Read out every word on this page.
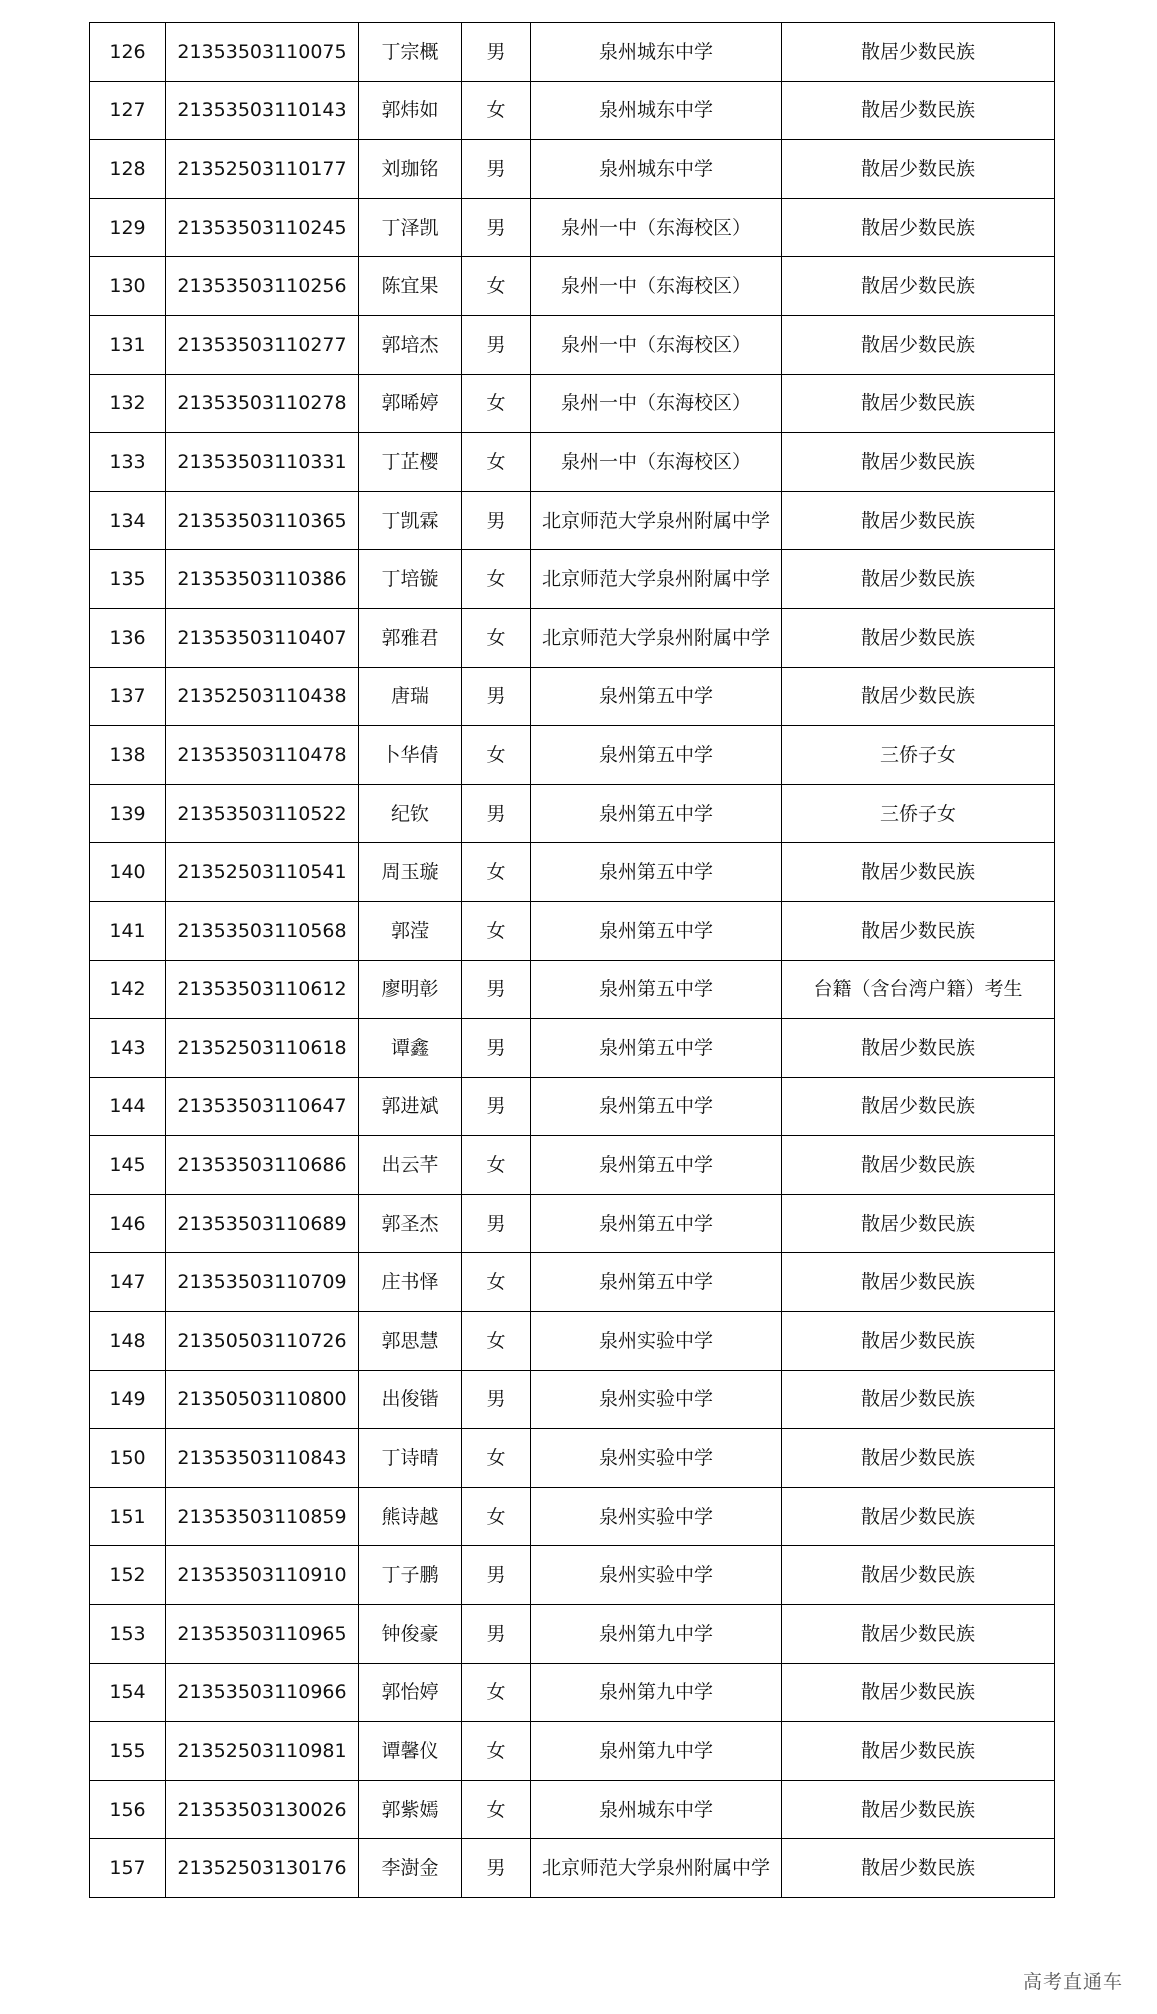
126	21353503110075	丁宗概	男	泉州城东中学	散居少数民族
127	21353503110143	郭炜如	女	泉州城东中学	散居少数民族
128	21352503110177	刘珈铭	男	泉州城东中学	散居少数民族
129	21353503110245	丁泽凯	男	泉州一中（东海校区）	散居少数民族
130	21353503110256	陈宜果	女	泉州一中（东海校区）	散居少数民族
131	21353503110277	郭培杰	男	泉州一中（东海校区）	散居少数民族
132	21353503110278	郭晞婷	女	泉州一中（东海校区）	散居少数民族
133	21353503110331	丁芷樱	女	泉州一中（东海校区）	散居少数民族
134	21353503110365	丁凯霖	男	北京师范大学泉州附属中学	散居少数民族
135	21353503110386	丁培镟	女	北京师范大学泉州附属中学	散居少数民族
136	21353503110407	郭雅君	女	北京师范大学泉州附属中学	散居少数民族
137	21352503110438	唐瑞	男	泉州第五中学	散居少数民族
138	21353503110478	卜华倩	女	泉州第五中学	三侨子女
139	21353503110522	纪钦	男	泉州第五中学	三侨子女
140	21352503110541	周玉璇	女	泉州第五中学	散居少数民族
141	21353503110568	郭滢	女	泉州第五中学	散居少数民族
142	21353503110612	廖明彰	男	泉州第五中学	台籍（含台湾户籍）考生
143	21352503110618	谭鑫	男	泉州第五中学	散居少数民族
144	21353503110647	郭进斌	男	泉州第五中学	散居少数民族
145	21353503110686	出云芊	女	泉州第五中学	散居少数民族
146	21353503110689	郭圣杰	男	泉州第五中学	散居少数民族
147	21353503110709	庄书怿	女	泉州第五中学	散居少数民族
148	21350503110726	郭思慧	女	泉州实验中学	散居少数民族
149	21350503110800	出俊锴	男	泉州实验中学	散居少数民族
150	21353503110843	丁诗晴	女	泉州实验中学	散居少数民族
151	21353503110859	熊诗越	女	泉州实验中学	散居少数民族
152	21353503110910	丁子鹏	男	泉州实验中学	散居少数民族
153	21353503110965	钟俊豪	男	泉州第九中学	散居少数民族
154	21353503110966	郭怡婷	女	泉州第九中学	散居少数民族
155	21352503110981	谭馨仪	女	泉州第九中学	散居少数民族
156	21353503130026	郭紫嫣	女	泉州城东中学	散居少数民族
157	21352503130176	李澍金	男	北京师范大学泉州附属中学	散居少数民族
高考直通车
